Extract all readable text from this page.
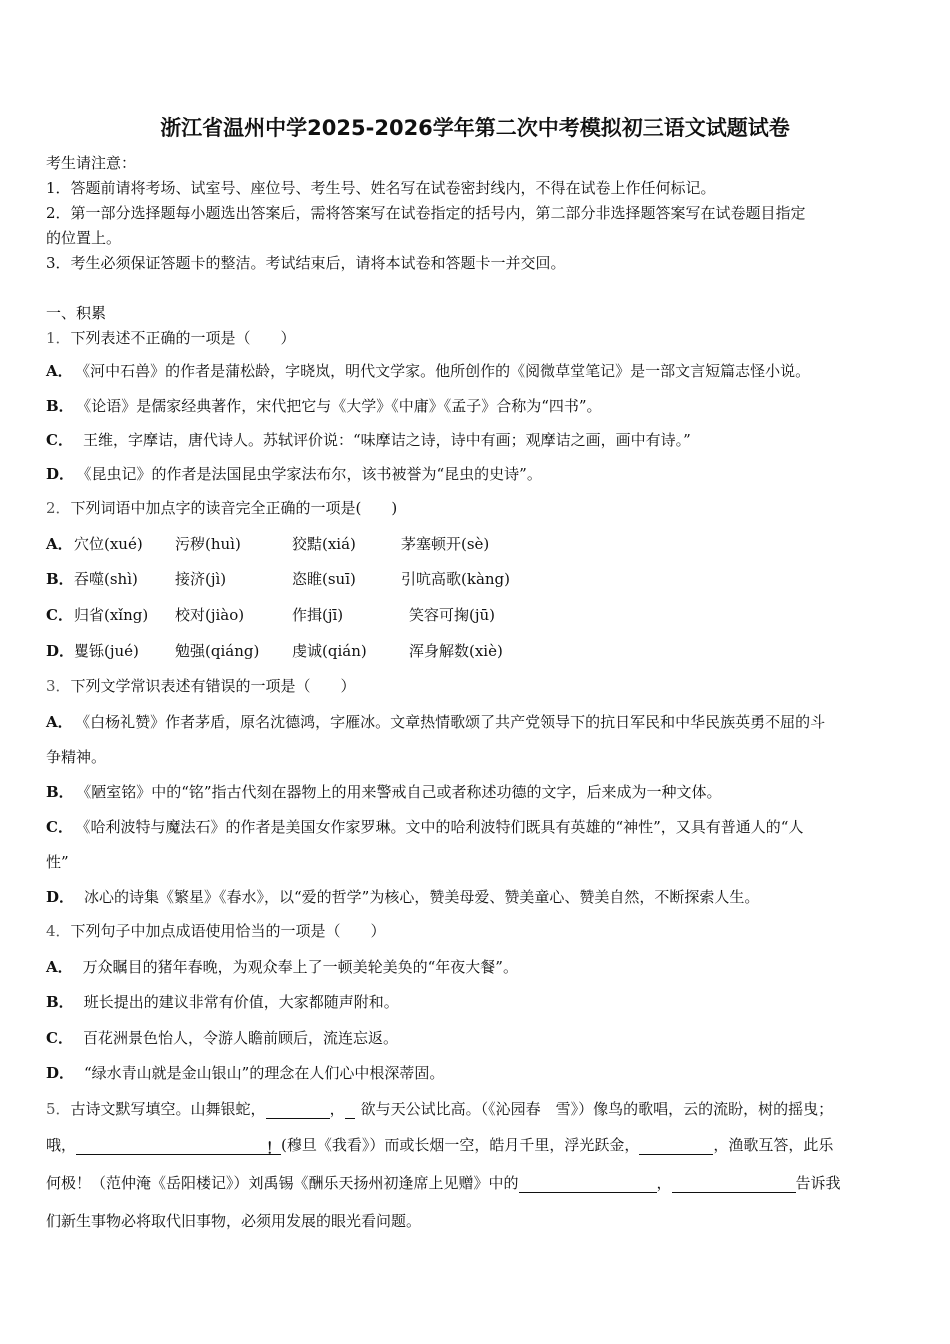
浙江省温州中学2025-2026学年第二次中考模拟初三语文试题试卷
考生请注意：
1．答题前请将考场、试室号、座位号、考生号、姓名写在试卷密封线内，不得在试卷上作任何标记。
2．第一部分选择题每小题选出答案后，需将答案写在试卷指定的括号内，第二部分非选择题答案写在试卷题目指定
的位置上。
3．考生必须保证答题卡的整洁。考试结束后，请将本试卷和答题卡一并交回。
一、积累
1．下列表述不正确的一项是（　　）
A． 《河中石兽》的作者是蒲松龄，字晓岚，明代文学家。他所创作的《阅微草堂笔记》是一部文言短篇志怪小说。
B． 《论语》是儒家经典著作，宋代把它与《大学》《中庸》《孟子》合称为“四书”。
C． 王维，字摩诘，唐代诗人。苏轼评价说：“味摩诘之诗，诗中有画；观摩诘之画，画中有诗。”
D． 《昆虫记》的作者是法国昆虫学家法布尔，该书被誉为“昆虫的史诗”。
2．下列词语中加点字的读音完全正确的一项是(　　)
A． 穴位(xué) 污秽(huì)	狡黠(xiá)	茅塞顿开(sè)
B． 吞噬(shì) 接济(jì)	恣睢(suī)	引吭高歌(kàng)
C． 归省(xǐng) 校对(jiào)	作揖(jī)	笑容可掬(jū)
D． 矍铄(jué) 勉强(qiáng) 虔诚(qián)	浑身解数(xiè)
3．下列文学常识表述有错误的一项是（　　）
A． 《白杨礼赞》作者茅盾，原名沈德鸿，字雁冰。文章热情歌颂了共产党领导下的抗日军民和中华民族英勇不屈的斗
争精神。
B． 《陋室铭》中的“铭”指古代刻在器物上的用来警戒自己或者称述功德的文字，后来成为一种文体。
C． 《哈利波特与魔法石》的作者是美国女作家罗琳。文中的哈利波特们既具有英雄的“神性”，又具有普通人的“人
性”
D． 冰心的诗集《繁星》《春水》，以“爱的哲学”为核心，赞美母爱、赞美童心、赞美自然，不断探索人生。
4．下列句子中加点成语使用恰当的一项是（　　）
A． 万众瞩目的猪年春晚，为观众奉上了一顿美轮美奂的“年夜大餐”。
B． 班长提出的建议非常有价值，大家都随声附和。
C． 百花洲景色怡人，令游人瞻前顾后，流连忘返。
D． “绿水青山就是金山银山”的理念在人们心中根深蒂固。
5．古诗文默写填空。山舞银蛇，	， 欲与天公试比高。（《沁园春　雪》）像鸟的歌唱，云的流盼，树的摇曳；
哦，	！(穆旦《我看》）而或长烟一空，皓月千里，浮光跃金，	，渔歌互答，此乐
何极！（范仲淹《岳阳楼记》）刘禹锡《酬乐天扬州初逢席上见赠》中的	，	告诉我
们新生事物必将取代旧事物，必须用发展的眼光看问题。
